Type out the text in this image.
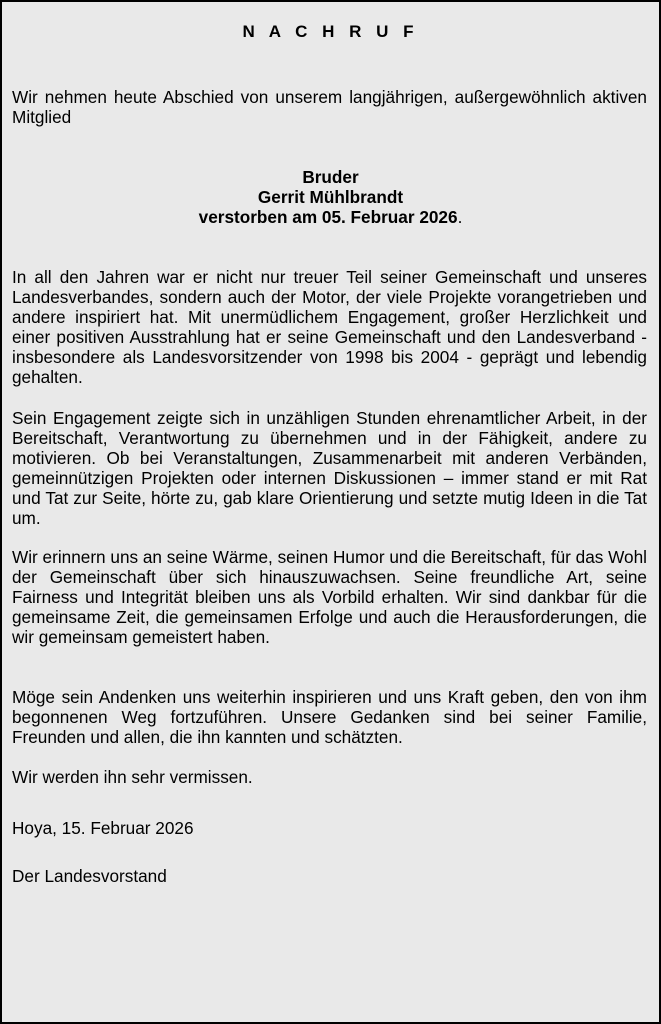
N A C H R U F
Wir nehmen heute Abschied von unserem langjährigen, außergewöhnlich aktiven Mitglied
Bruder
Gerrit Mühlbrandt
verstorben am 05. Februar 2026.
In all den Jahren war er nicht nur treuer Teil seiner Gemeinschaft und unseres Landesverbandes, sondern auch der Motor, der viele Projekte vorangetrieben und andere inspiriert hat. Mit unermüdlichem Engagement, großer Herzlichkeit und einer positiven Ausstrahlung hat er seine Gemeinschaft und den Landesverband - insbesondere als Landesvorsitzender von 1998 bis 2004 - geprägt und lebendig gehalten.
Sein Engagement zeigte sich in unzähligen Stunden ehrenamtlicher Arbeit, in der Bereitschaft, Verantwortung zu übernehmen und in der Fähigkeit, andere zu motivieren. Ob bei Veranstaltungen, Zusammenarbeit mit anderen Verbänden, gemeinnützigen Projekten oder internen Diskussionen – immer stand er mit Rat und Tat zur Seite, hörte zu, gab klare Orientierung und setzte mutig Ideen in die Tat um.
Wir erinnern uns an seine Wärme, seinen Humor und die Bereitschaft, für das Wohl der Gemeinschaft über sich hinauszuwachsen. Seine freundliche Art, seine Fairness und Integrität bleiben uns als Vorbild erhalten. Wir sind dankbar für die gemeinsame Zeit, die gemeinsamen Erfolge und auch die Herausforderungen, die wir gemeinsam gemeistert haben.
Möge sein Andenken uns weiterhin inspirieren und uns Kraft geben, den von ihm begonnenen Weg fortzuführen. Unsere Gedanken sind bei seiner Familie, Freunden und allen, die ihn kannten und schätzten.
Wir werden ihn sehr vermissen.
Hoya, 15. Februar 2026
Der Landesvorstand
